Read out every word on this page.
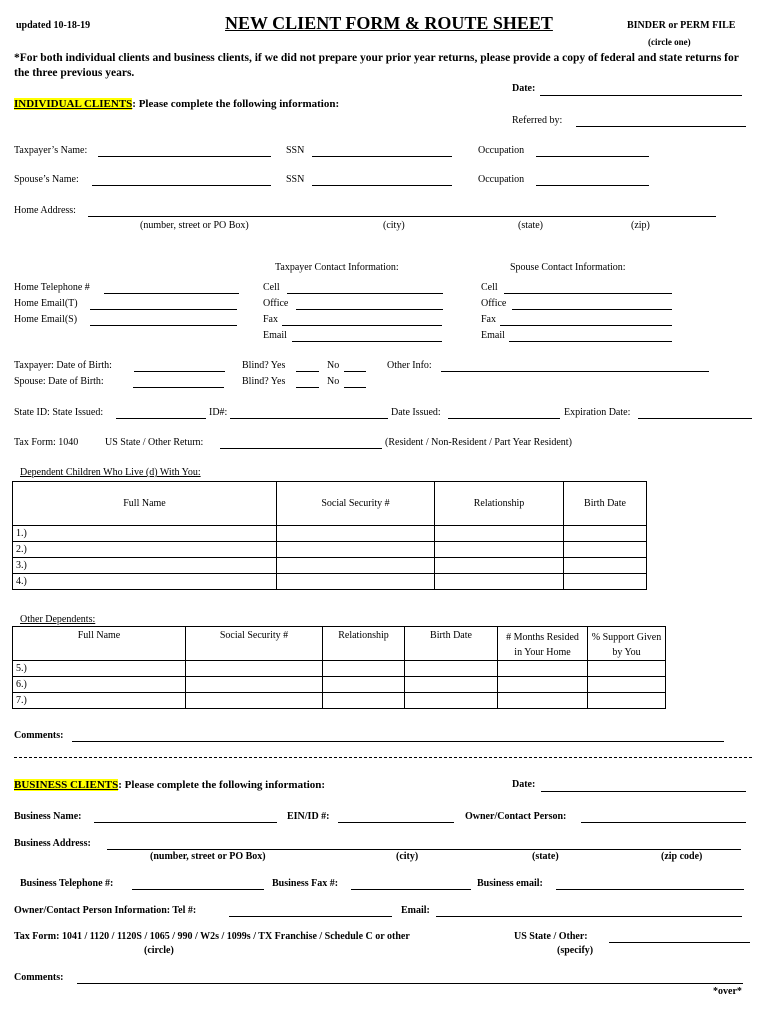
updated 10-18-19	NEW CLIENT FORM & ROUTE SHEET	BINDER or PERM FILE
(circle one)
*For both individual clients and business clients, if we did not prepare your prior year returns, please provide a copy of federal and state returns for the three previous years.
Date:
INDIVIDUAL CLIENTS: Please complete the following information:
Referred by:
Taxpayer’s Name:	SSN	Occupation
Spouse’s Name:	SSN	Occupation
Home Address:
(number, street or PO Box)	(city)	(state)	(zip)
Taxpayer Contact Information:	Spouse Contact Information:
Home Telephone #
Home Email(T)
Home Email(S)
Cell
Office
Fax
Email
Cell
Office
Fax
Email
Taxpayer: Date of Birth:	Blind? Yes	No	Other Info:
Spouse: Date of Birth:	Blind? Yes	No
State ID: State Issued:	ID#:	Date Issued:	Expiration Date:
Tax Form: 1040	US State / Other Return:	(Resident / Non-Resident / Part Year Resident)
Dependent Children Who Live (d) With You:
Full Name	Social Security #	Relationship	Birth Date
1.)			
2.)			
3.)			
4.)			
Other Dependents:
Full Name	Social Security #	Relationship	Birth Date	# Months Resided in Your Home	% Support Given by You
5.)					
6.)					
7.)					
Comments:
BUSINESS CLIENTS: Please complete the following information:	Date:
Business Name:	EIN/ID #:	Owner/Contact Person:
Business Address:
(number, street or PO Box)	(city)	(state)	(zip code)
Business Telephone #:	Business Fax #:	Business email:
Owner/Contact Person Information: Tel #:	Email:
Tax Form: 1041 / 1120 / 1120S / 1065 / 990 / W2s / 1099s / TX Franchise / Schedule C or other
(circle)
US State / Other:
(specify)
Comments:
*over*
